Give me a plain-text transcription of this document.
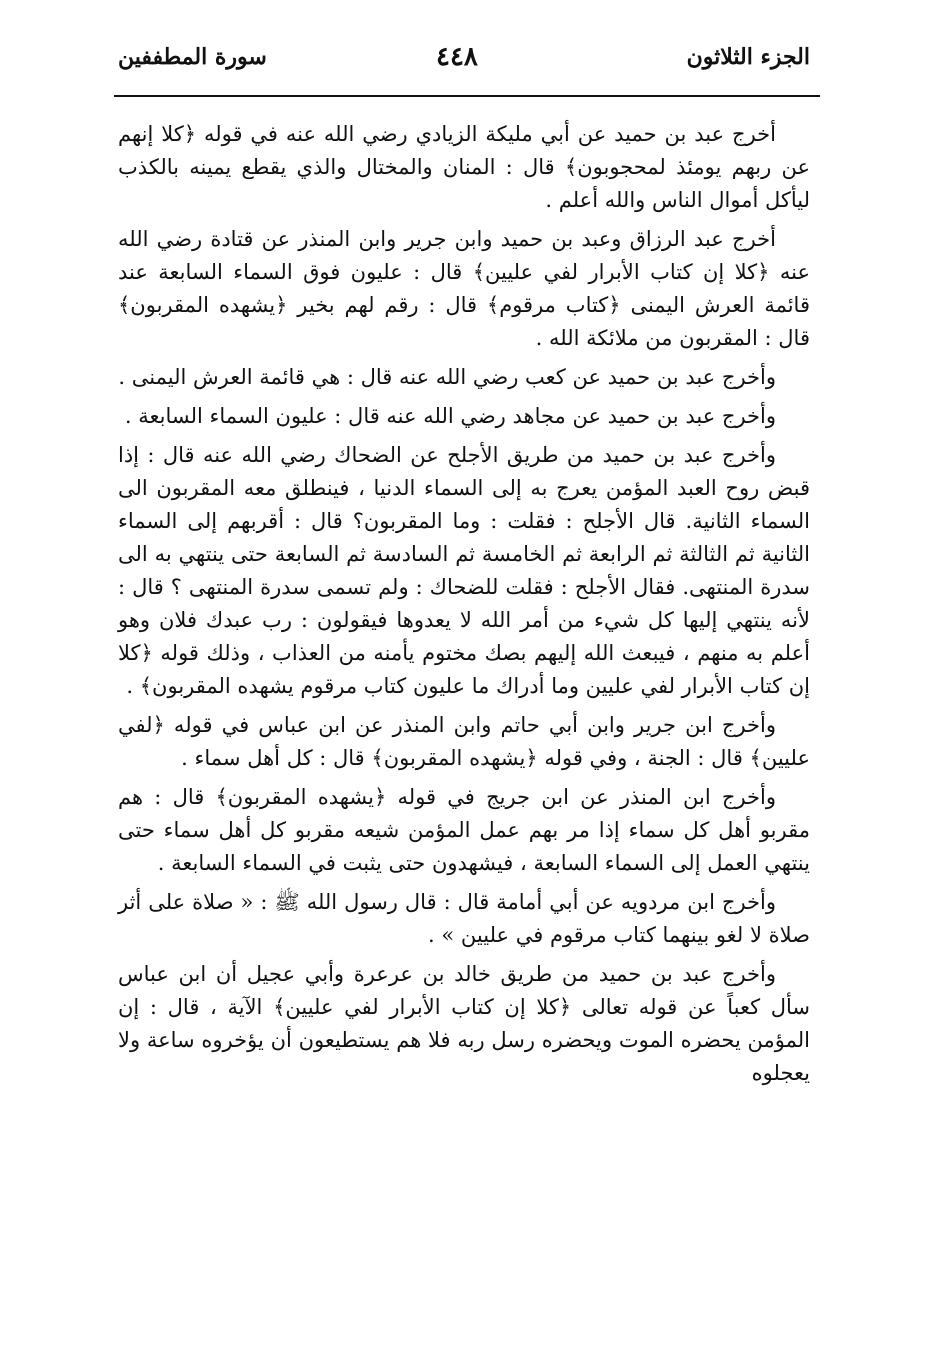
الجزء الثلاثون
٤٤٨
سورة المطففين

أخرج عبد بن حميد عن أبي مليكة الزيادي رضي الله عنه في قوله ﴿كلا إنهم عن ربهم يومئذ لمحجوبون﴾ قال : المنان والمختال والذي يقطع يمينه بالكذب ليأكل أموال الناس والله أعلم .

أخرج عبد الرزاق وعبد بن حميد وابن جرير وابن المنذر عن قتادة رضي الله عنه ﴿كلا إن كتاب الأبرار لفي عليين﴾ قال : عليون فوق السماء السابعة عند قائمة العرش اليمنى ﴿كتاب مرقوم﴾ قال : رقم لهم بخير ﴿يشهده المقربون﴾ قال : المقربون من ملائكة الله .

وأخرج عبد بن حميد عن كعب رضي الله عنه قال : هي قائمة العرش اليمنى .

وأخرج عبد بن حميد عن مجاهد رضي الله عنه قال : عليون السماء السابعة .

وأخرج عبد بن حميد من طريق الأجلح عن الضحاك رضي الله عنه قال : إذا قبض روح العبد المؤمن يعرج به إلى السماء الدنيا ، فينطلق معه المقربون الى السماء الثانية. قال الأجلح : فقلت : وما المقربون؟ قال : أقربهم إلى السماء الثانية ثم الثالثة ثم الرابعة ثم الخامسة ثم السادسة ثم السابعة حتى ينتهي به الى سدرة المنتهى. فقال الأجلح : فقلت للضحاك : ولم تسمى سدرة المنتهى ؟ قال : لأنه ينتهي إليها كل شيء من أمر الله لا يعدوها فيقولون : رب عبدك فلان وهو أعلم به منهم ، فيبعث الله إليهم بصك مختوم يأمنه من العذاب ، وذلك قوله ﴿كلا إن كتاب الأبرار لفي عليين وما أدراك ما عليون كتاب مرقوم يشهده المقربون﴾ .

وأخرج ابن جرير وابن أبي حاتم وابن المنذر عن ابن عباس في قوله ﴿لفي عليين﴾ قال : الجنة ، وفي قوله ﴿يشهده المقربون﴾ قال : كل أهل سماء .

وأخرج ابن المنذر عن ابن جريج في قوله ﴿يشهده المقربون﴾ قال : هم مقربو أهل كل سماء إذا مر بهم عمل المؤمن شيعه مقربو كل أهل سماء حتى ينتهي العمل إلى السماء السابعة ، فيشهدون حتى يثبت في السماء السابعة .

وأخرج ابن مردويه عن أبي أمامة قال : قال رسول الله ﷺ : « صلاة على أثر صلاة لا لغو بينهما كتاب مرقوم في عليين » .

وأخرج عبد بن حميد من طريق خالد بن عرعرة وأبي عجيل أن ابن عباس سأل كعباً عن قوله تعالى ﴿كلا إن كتاب الأبرار لفي عليين﴾ الآية ، قال : إن المؤمن يحضره الموت ويحضره رسل ربه فلا هم يستطيعون أن يؤخروه ساعة ولا يعجلوه
